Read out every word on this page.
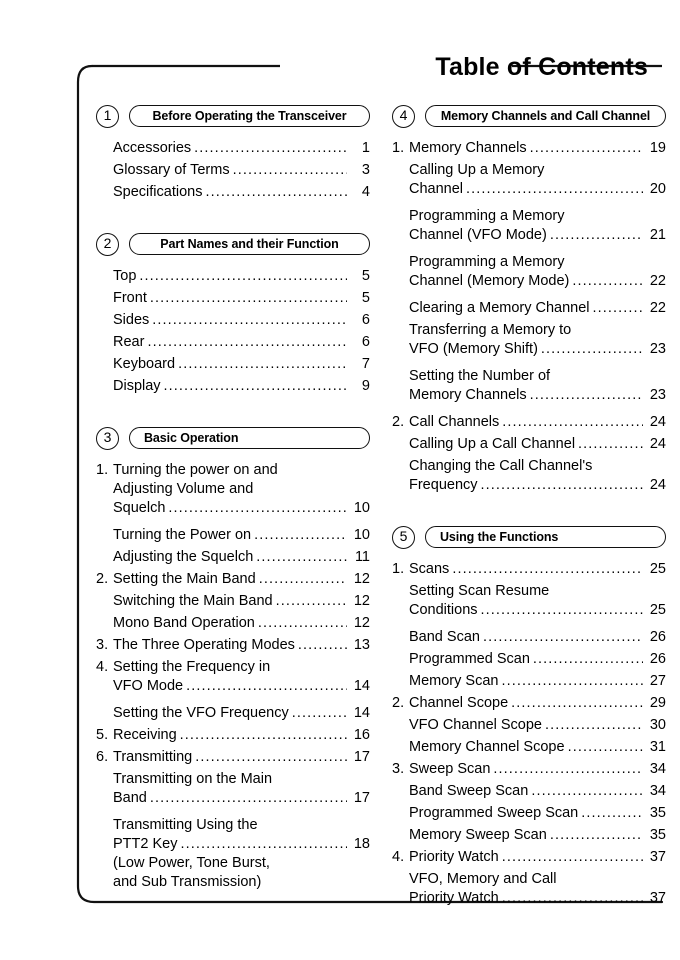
Table of Contents
1	Before Operating the Transceiver
Accessories .....	1
Glossary of Terms .....	3
Specifications .....	4
2	Part Names and their Function
Top .....	5
Front .....	5
Sides .....	6
Rear .....	6
Keyboard .....	7
Display .....	9
3	Basic Operation
1. Turning the power on and
Adjusting Volume and
Squelch .....	10
Turning the Power on .....	10
Adjusting the Squelch .....	11
2. Setting the Main Band .....	12
Switching the Main Band .....	12
Mono Band Operation .....	12
3. The Three Operating Modes .....	13
4. Setting the Frequency in
VFO Mode .....	14
Setting the VFO Frequency .....	14
5. Receiving .....	16
6. Transmitting .....	17
Transmitting on the Main
Band .....	17
Transmitting Using the
PTT2 Key .....	18
(Low Power, Tone Burst,
and Sub Transmission)
4	Memory Channels and Call Channel
1. Memory Channels .....	19
Calling Up a Memory
Channel .....	20
Programming a Memory
Channel (VFO Mode) .....	21
Programming a Memory
Channel (Memory Mode) .....	22
Clearing a Memory Channel .....	22
Transferring a Memory to
VFO (Memory Shift) .....	23
Setting the Number of
Memory Channels .....	23
2. Call Channels .....	24
Calling Up a Call Channel .....	24
Changing the Call Channel's
Frequency .....	24
5	Using the Functions
1. Scans .....	25
Setting Scan Resume
Conditions .....	25
Band Scan .....	26
Programmed Scan .....	26
Memory Scan .....	27
2. Channel Scope .....	29
VFO Channel Scope .....	30
Memory Channel Scope .....	31
3. Sweep Scan .....	34
Band Sweep Scan .....	34
Programmed Sweep Scan .....	35
Memory Sweep Scan .....	35
4. Priority Watch .....	37
VFO, Memory and Call
Priority Watch .....	37
